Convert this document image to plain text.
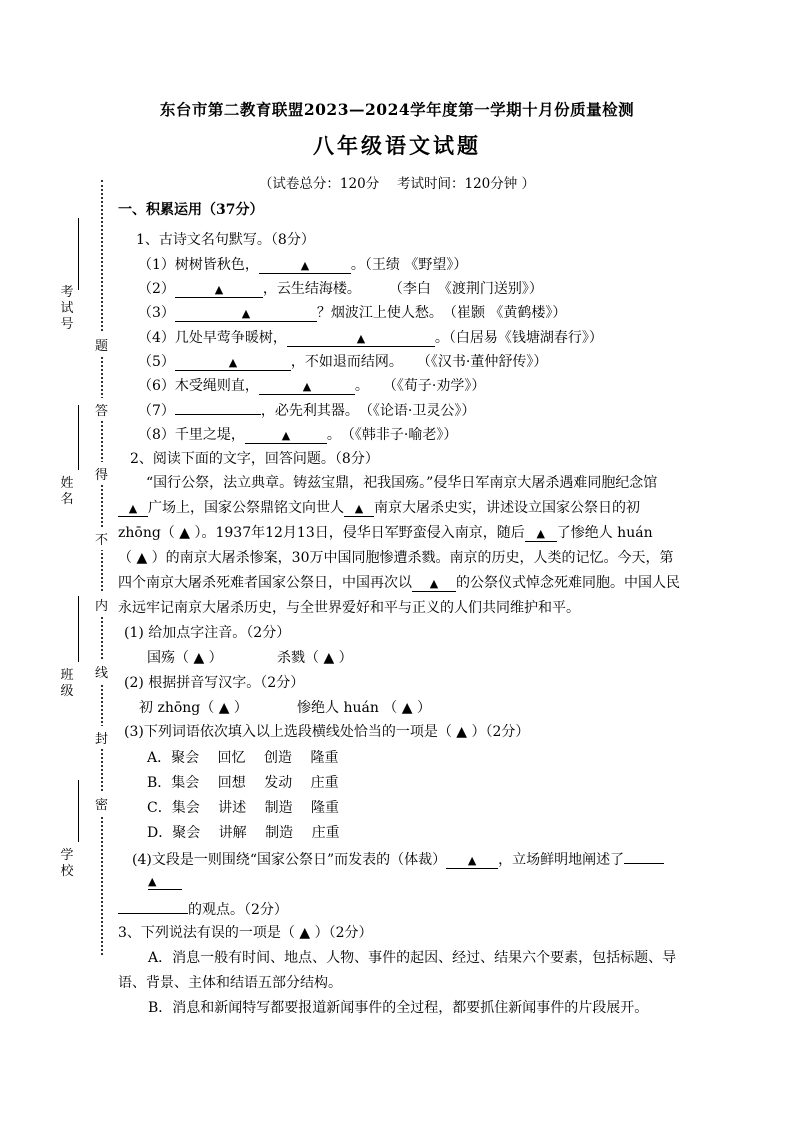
题
答
得
不
内
线
封
密
考试号
姓名
班级
学校
东台市第二教育联盟2023—2024学年度第一学期十月份质量检测
八年级语文试题
（试卷总分：120分　 考试时间：120分钟 ）
一、积累运用（37分）
1、古诗文名句默写。（8分）
（1）树树皆秋色，	▲	。（王绩 《野望》）
（2）	▲	，云生结海楼。　　　（李白　《渡荆门送别》）
（3）	▲	？烟波江上使人愁。　（崔颢 《黄鹤楼》）
（4）几处早莺争暖树，	▲	。（白居易《钱塘湖春行》）
（5）	▲	，不如退而结网。　　（《汉书·董仲舒传》）
（6）木受绳则直，	▲	。　　（《荀子·劝学》）
（7）	，必先利其器。　（《论语·卫灵公》）
（8）千里之堤，	▲	。　（《韩非子·喻老》）
2、阅读下面的文字，回答问题。（8分）
“国行公祭，法立典章。铸兹宝鼎，祀我国殇。”侵华日军南京大屠杀遇难同胞纪念馆
▲ 广场上，国家公祭鼎铭文向世人 ▲ 南京大屠杀史实，讲述设立国家公祭日的初
zhōng（ ▲ ）。1937年12月13日，侵华日军野蛮侵入南京，随后 ▲ 了惨绝人 huán
（ ▲ ）的南京大屠杀惨案，30万中国同胞惨遭杀戮。南京的历史，人类的记忆。今天，第
四个南京大屠杀死难者国家公祭日，中国再次以 ▲ 的公祭仪式悼念死难同胞。中国人民
永远牢记南京大屠杀历史，与全世界爱好和平与正义的人们共同维护和平。
(1) 给加点字注音。（2分）
国殇（ ▲ ）	杀戮（ ▲ ）
(2) 根据拼音写汉字。（2分）
初 zhōng（ ▲ ）	惨绝人 huán （ ▲ ）
(3)下列词语依次填入以上选段横线处恰当的一项是（ ▲ ）（2分）
A．聚会　 回忆　 创造　 隆重
B．集会　 回想　 发动　 庄重
C．集会　 讲述　 制造　 隆重
D．聚会　 讲解　 制造　 庄重
(4)文段是一则围绕“国家公祭日”而发表的（体裁） ▲ ，立场鲜明地阐述了
▲
的观点。（2分）
3、下列说法有误的一项是（ ▲ ）（2分）
A．消息一般有时间、地点、人物、事件的起因、经过、结果六个要素，包括标题、导
语、背景、主体和结语五部分结构。
B．消息和新闻特写都要报道新闻事件的全过程，都要抓住新闻事件的片段展开。
